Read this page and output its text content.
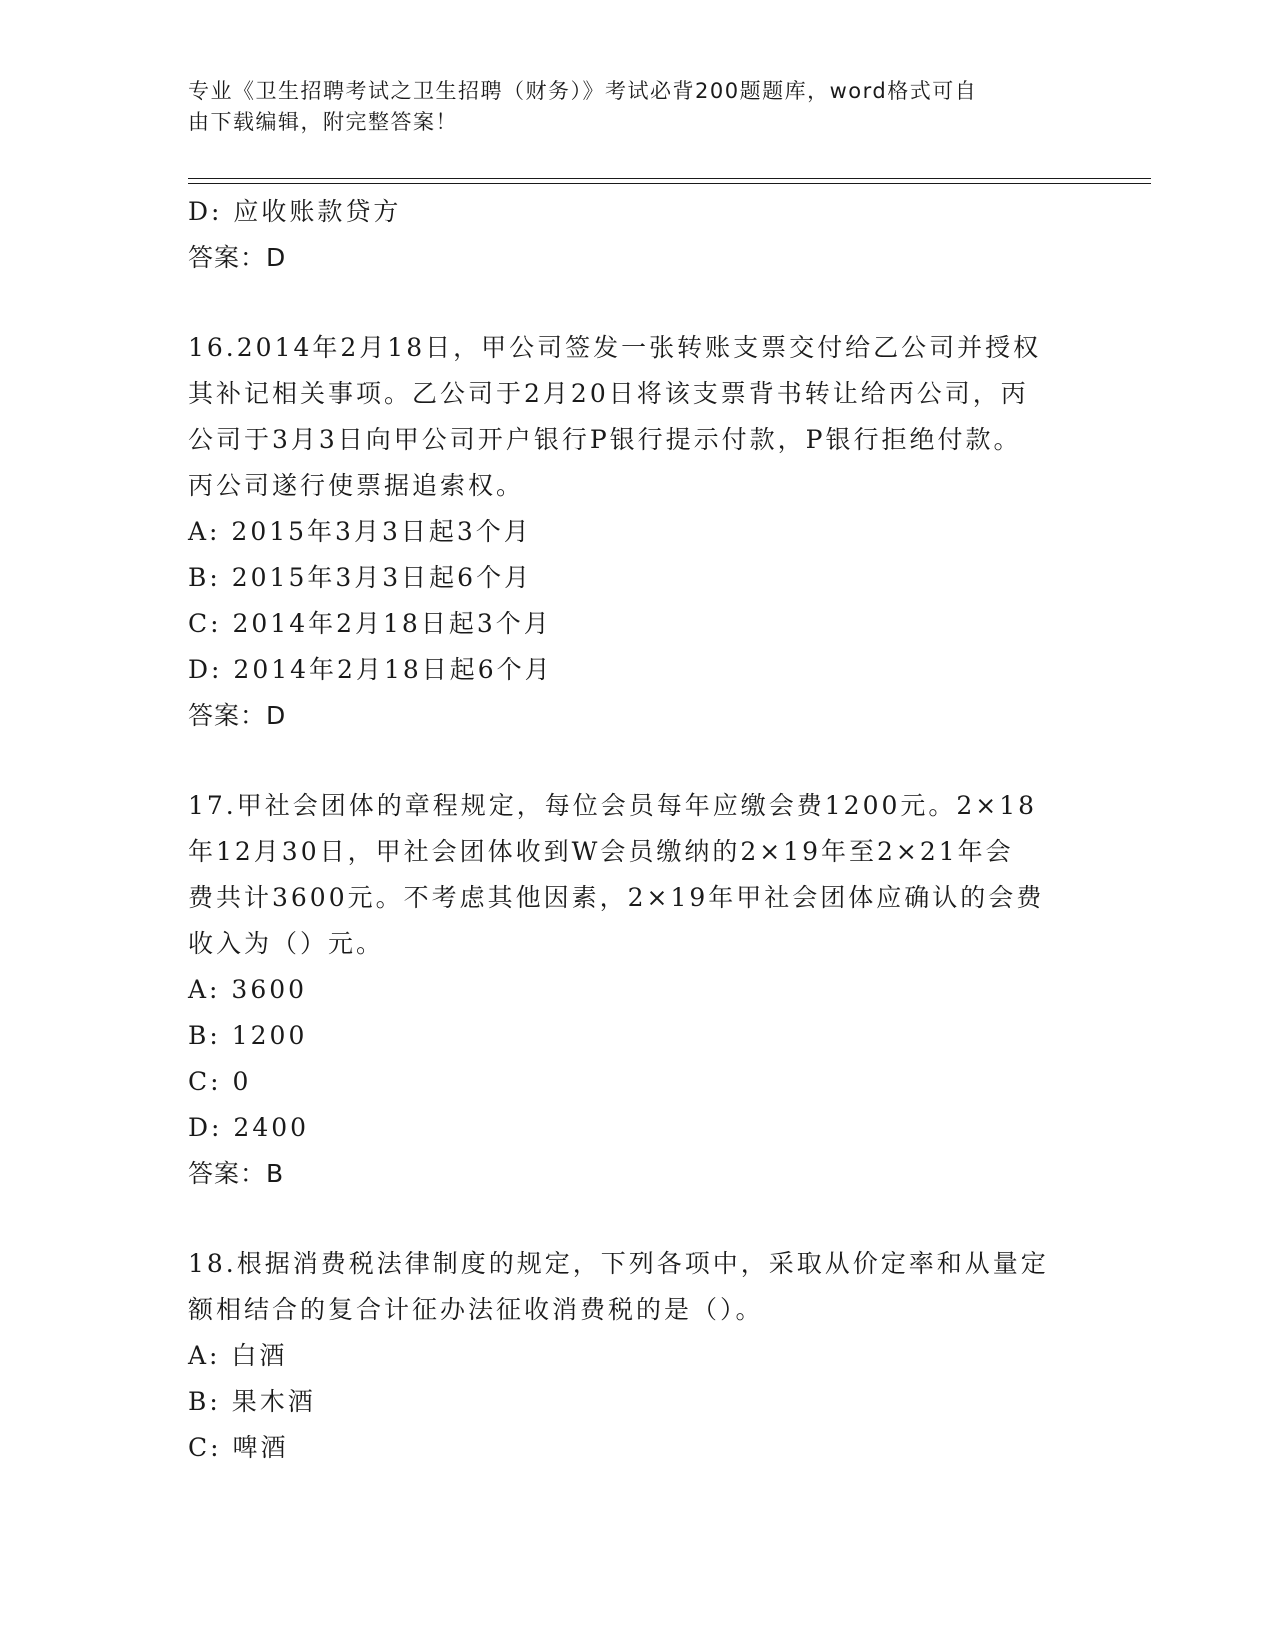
专业《卫生招聘考试之卫生招聘（财务）》考试必背200题题库，word格式可自
由下载编辑，附完整答案！
D: 应收账款贷方
答案：D
16.2014年2月18日，甲公司签发一张转账支票交付给乙公司并授权
其补记相关事项。乙公司于2月20日将该支票背书转让给丙公司，丙
公司于3月3日向甲公司开户银行P银行提示付款，P银行拒绝付款。
丙公司遂行使票据追索权。
A: 2015年3月3日起3个月
B: 2015年3月3日起6个月
C: 2014年2月18日起3个月
D: 2014年2月18日起6个月
答案：D
17.甲社会团体的章程规定，每位会员每年应缴会费1200元。2×18
年12月30日，甲社会团体收到W会员缴纳的2×19年至2×21年会
费共计3600元。不考虑其他因素，2×19年甲社会团体应确认的会费
收入为（）元。
A: 3600
B: 1200
C: 0
D: 2400
答案：B
18.根据消费税法律制度的规定，下列各项中，采取从价定率和从量定
额相结合的复合计征办法征收消费税的是（）。
A: 白酒
B: 果木酒
C: 啤酒
